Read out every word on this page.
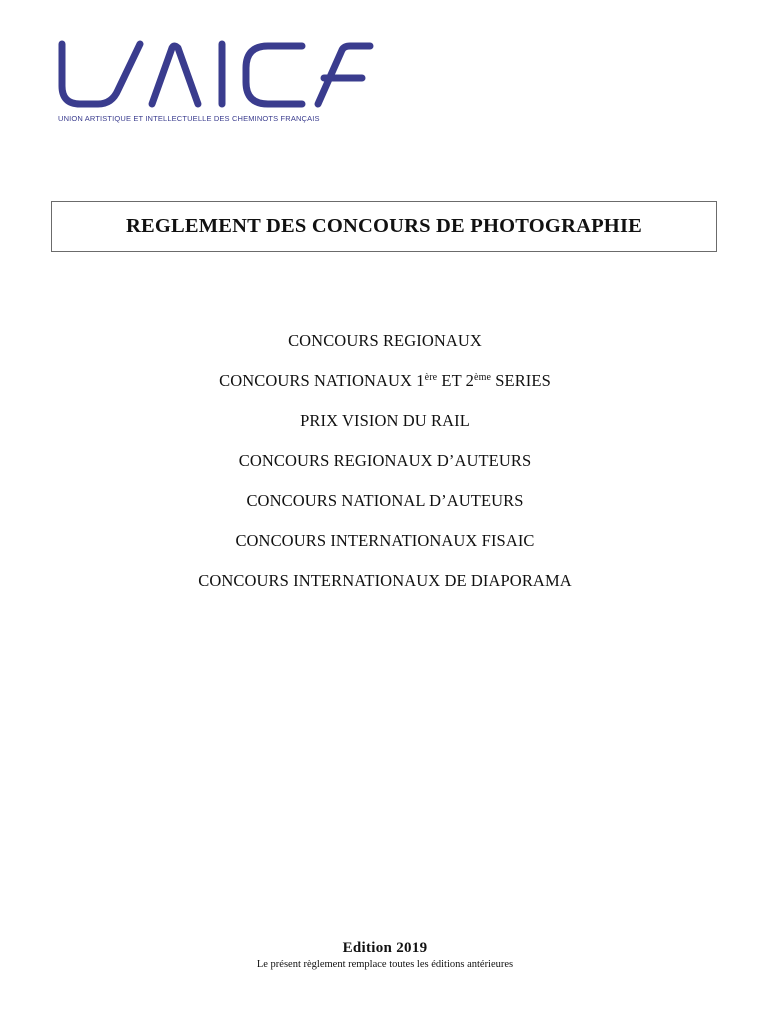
UNION ARTISTIQUE ET INTELLECTUELLE DES CHEMINOTS FRANÇAIS
REGLEMENT DES CONCOURS DE PHOTOGRAPHIE
CONCOURS REGIONAUX
CONCOURS NATIONAUX 1ère ET 2ème SERIES
PRIX VISION DU RAIL
CONCOURS REGIONAUX D’AUTEURS
CONCOURS NATIONAL D’AUTEURS
CONCOURS INTERNATIONAUX FISAIC
CONCOURS INTERNATIONAUX DE DIAPORAMA
Edition 2019
Le présent règlement remplace toutes les éditions antérieures
